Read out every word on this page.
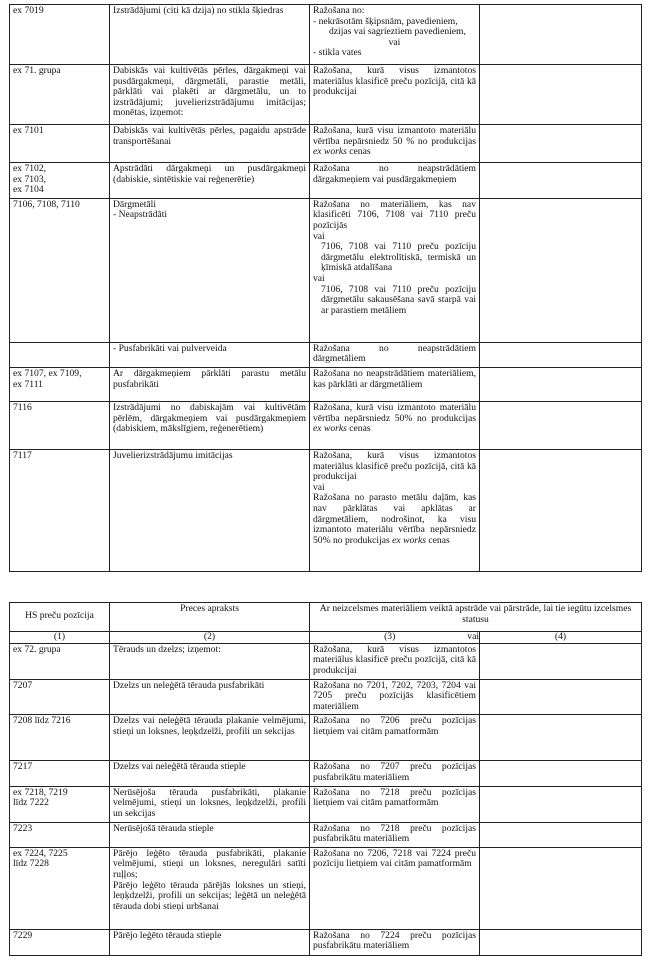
ex 7019	Izstrādājumi (citi kā dzija) no stikla šķiedras	Ražošana no:
- nekrāsotām šķipsnām, pavedieniem,
dzijas vai sagrieztiem pavedieniem,
vai
- stikla vates	

ex 71. grupa	Dabiskās vai kultivētās pērles, dārgakmeņi vai pusdārgakmeņi, dārgmetāli, parastie metāli, pārklāti vai plakēti ar dārgmetālu, un to izstrādājumi; juvelierizstrādājumu imitācijas; monētas, izņemot:	Ražošana, kurā visus izmantotos materiālus klasificē preču pozīcijā, citā kā produkcijai	
ex 7101	Dabiskās vai kultivētās pērles, pagaidu apstrāde transportēšanai	Ražošana, kurā visu izmantoto materiālu vērtība nepārsniedz 50 % no produkcijas ex works cenas	

ex 7102,
ex 7103,
ex 7104	Apstrādāti dārgakmeņi un pusdārgakmeņi (dabiskie, sintētiskie vai reģenerētie)	Ražošana no neapstrādātiem dārgakmeņiem vai pusdārgakmeņiem	
7106, 7108, 7110	Dārgmetāli
- Neapstrādāti	Ražošana no materiāliem, kas nav klasificēti 7106, 7108 vai 7110 preču pozīcijās
vai
7106, 7108 vai 7110 preču pozīciju dārgmetālu elektrolītiskā, termiskā un ķīmiskā atdalīšana
vai
7106, 7108 vai 7110 preču pozīciju dārgmetālu sakausēšana savā starpā vai ar parastiem metāliem	

	- Pusfabrikāti vai pulverveida	Ražošana no neapstrādātiem dārgmetāliem	

ex 7107, ex 7109,
ex 7111	Ar dārgakmeņiem pārklāti parastu metālu pusfabrikāti	Ražošana no neapstrādātiem materiāliem, kas pārklāti ar dārgmetāliem	
7116	Izstrādājumi no dabiskajām vai kultivētām pērlēm, dārgakmeņiem vai pusdārgakmeņiem (dabiskiem, mākslīgiem, reģenerētiem)	Ražošana, kurā visu izmantoto materiālu vērtība nepārsniedz 50% no produkcijas ex works cenas	
7117	Juvelierizstrādājumu imitācijas	Ražošana, kurā visus izmantotos materiālus klasificē preču pozīcijā, citā kā produkcijai
vai
Ražošana no parasto metālu daļām, kas nav pārklātas vai apklātas ar dārgmetāliem, nodrošinot, ka visu izmantoto materiālu vērtība nepārsniedz 50% no produkcijas ex works cenas	

HS preču pozīcija	Preces apraksts	Ar neizcelsmes materiāliem veiktā apstrāde vai pārstrāde, lai tie iegūtu izcelsmes statusu	
(1)	(2)	(3) vai	(4)
ex 72. grupa	Tērauds un dzelzs; izņemot:	Ražošana, kurā visus izmantotos materiālus klasificē preču pozīcijā, citā kā produkcijai	
7207	Dzelzs un neleģētā tērauda pusfabrikāti	Ražošana no 7201, 7202, 7203, 7204 vai 7205 preču pozīcijās klasificētiem materiāliem	
7208 līdz 7216	Dzelzs vai neleģētā tērauda plakanie velmējumi, stieņi un loksnes, leņķdzelži, profili un sekcijas	Ražošana no 7206 preču pozīcijas lietņiem vai citām pamatformām	
7217	Dzelzs vai neleģētā tērauda stieple	Ražošana no 7207 preču pozīcijas pusfabrikātu materiāliem	

ex 7218, 7219
līdz 7222	Nerūsējoša tērauda pusfabrikāti, plakanie velmējumi, stieņi un loksnes, leņķdzelži, profili un sekcijas	Ražošana no 7218 preču pozīcijas lietņiem vai citām pamatformām	
7223	Nerūsējošā tērauda stieple	Ražošana no 7218 preču pozīcijas pusfabrikātu materiāliem	

ex 7224, 7225
līdz 7228	Pārējo leģēto tērauda pusfabrikāti, plakanie velmējumi, stieņi un loksnes, neregulāri satīti ruļļos;
Pārējo leģēto tērauda pārējās loksnes un stieņi, leņķdzelži, profili un sekcijas; leģētā un neleģētā tērauda dobi stieņi urbšanai	Ražošana no 7206, 7218 vai 7224 preču pozīciju lietņiem vai citām pamatformām	
7229	Pārējo leģēto tērauda stieple	Ražošana no 7224 preču pozīcijas pusfabrikātu materiāliem	
